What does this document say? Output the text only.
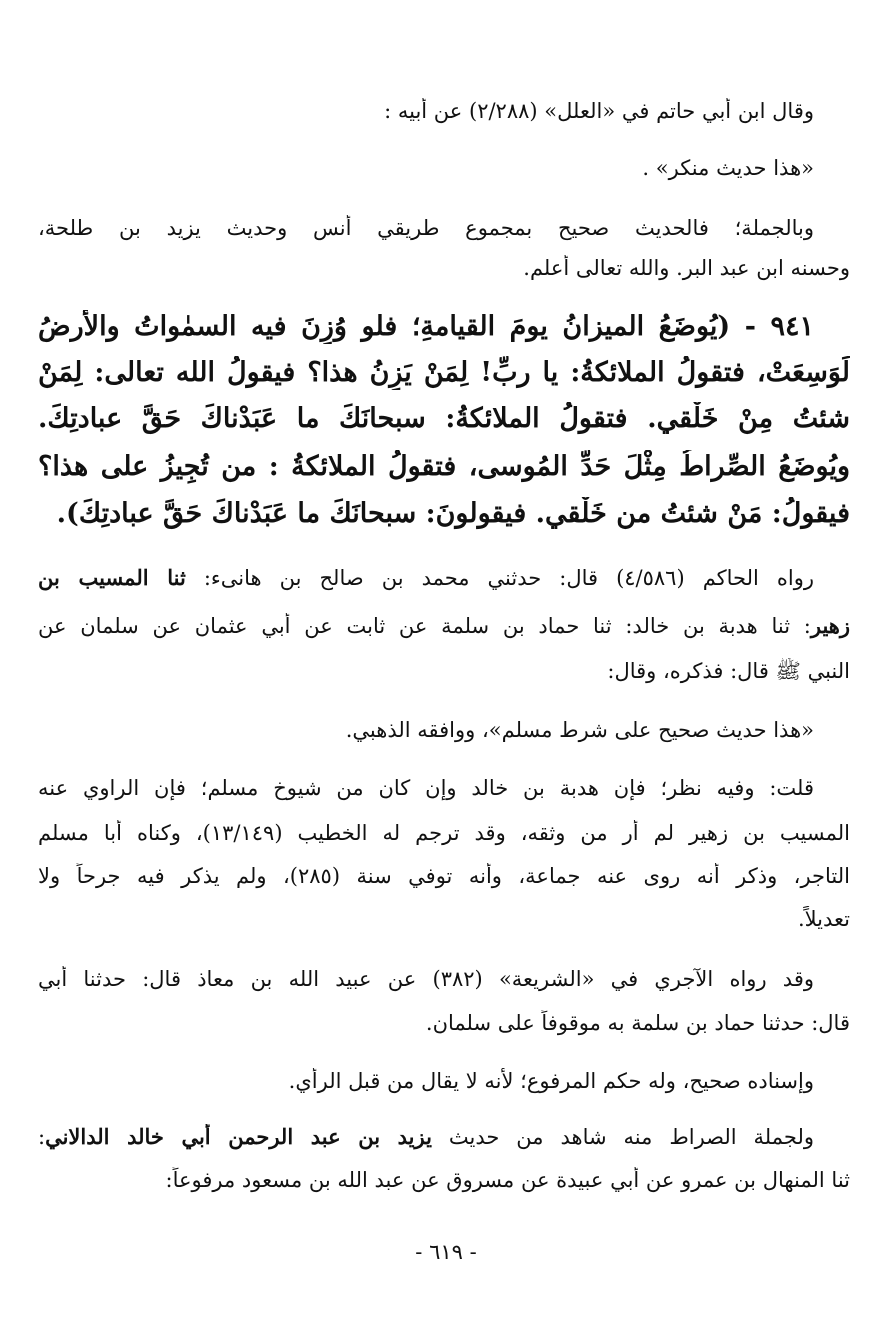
وقال ابن أبي حاتم في «العلل» (٢/٢٨٨) عن أبيه :
«هذا حديث منكر» .
وبالجملة؛ فالحديث صحيح بمجموع طريقي أنس وحديث يزيد بن طلحة،
وحسنه ابن عبد البر. والله تعالى أعلم.
٩٤١ - (يُوضَعُ الميزانُ يومَ القيامةِ؛ فلو وُزِنَ فيه السمٰواتُ والأرضُ
لَوَسِعَتْ، فتقولُ الملائكةُ: يا ربِّ! لِمَنْ يَزِنُ هذا؟ فيقولُ الله تعالى: لِمَنْ
شئتُ مِنْ خَلْقي. فتقولُ الملائكةُ: سبحانَكَ ما عَبَدْناكَ حَقَّ عبادتِكَ.
ويُوضَعُ الصِّراطُ مِثْلَ حَدِّ المُوسى، فتقولُ الملائكةُ : من تُجِيزُ على هذا؟
فيقولُ: مَنْ شئتُ من خَلْقي. فيقولونَ: سبحانَكَ ما عَبَدْناكَ حَقَّ عبادتِكَ).
رواه الحاكم (٤/٥٨٦) قال: حدثني محمد بن صالح بن هانىء: ثنا المسيب بن
زهير: ثنا هدبة بن خالد: ثنا حماد بن سلمة عن ثابت عن أبي عثمان عن سلمان عن
النبي ﷺ قال: فذكره، وقال:
«هذا حديث صحيح على شرط مسلم»، ووافقه الذهبي.
قلت: وفيه نظر؛ فإن هدبة بن خالد وإن كان من شيوخ مسلم؛ فإن الراوي عنه
المسيب بن زهير لم أر من وثقه، وقد ترجم له الخطيب (١٣/١٤٩)، وكناه أبا مسلم
التاجر، وذكر أنه روى عنه جماعة، وأنه توفي سنة (٢٨٥)، ولم يذكر فيه جرحاً ولا
تعديلاً.
وقد رواه الآجري في «الشريعة» (٣٨٢) عن عبيد الله بن معاذ قال: حدثنا أبي
قال: حدثنا حماد بن سلمة به موقوفاً على سلمان.
وإسناده صحيح، وله حكم المرفوع؛ لأنه لا يقال من قبل الرأي.
ولجملة الصراط منه شاهد من حديث يزيد بن عبد الرحمن أبي خالد الدالاني:
ثنا المنهال بن عمرو عن أبي عبيدة عن مسروق عن عبد الله بن مسعود مرفوعاً:
- ٦١٩ -
